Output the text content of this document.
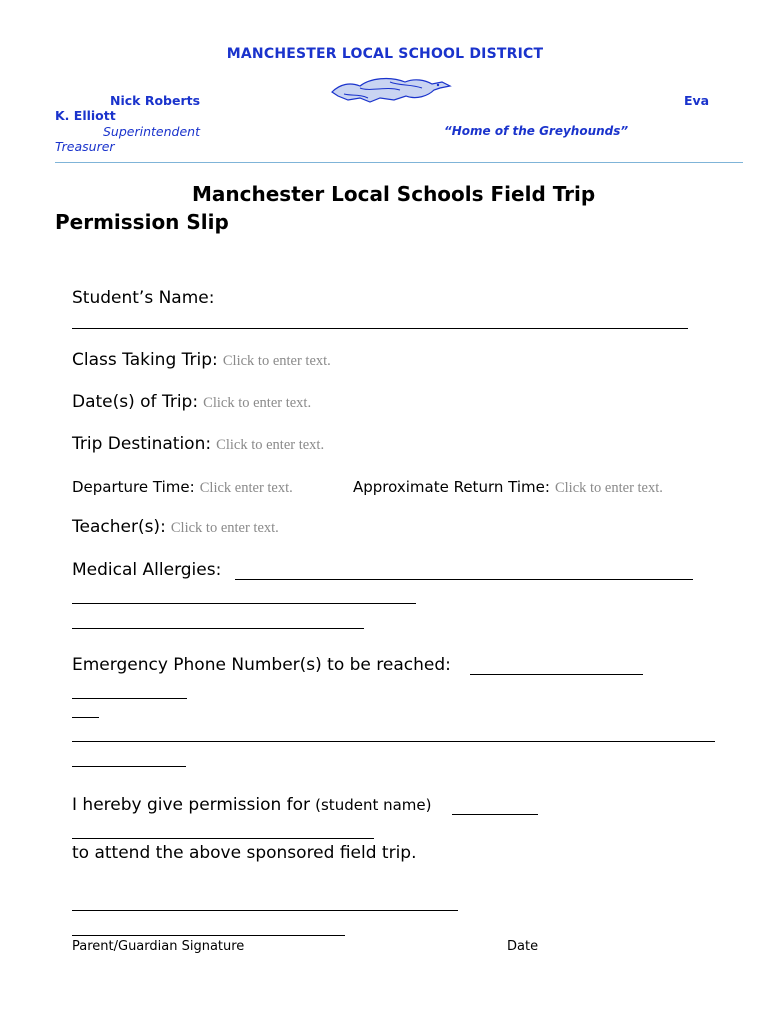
MANCHESTER LOCAL SCHOOL DISTRICT
Nick Roberts
K. Elliott
Eva
Superintendent
Treasurer
“Home of the Greyhounds”
Manchester Local Schools Field Trip
Permission Slip
Student’s Name:
Class Taking Trip: Click to enter text.
Date(s) of Trip: Click to enter text.
Trip Destination: Click to enter text.
Departure Time: Click enter text.	Approximate Return Time: Click to enter text.
Teacher(s): Click to enter text.
Medical Allergies:
Emergency Phone Number(s) to be reached:
I hereby give permission for (student name)
to attend the above sponsored field trip.
Parent/Guardian Signature	Date
